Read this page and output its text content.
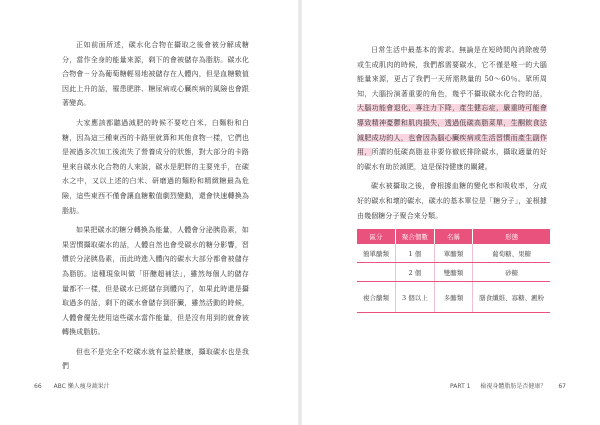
正如前面所述，碳水化合物在攝取之後會被分解成糖分，當作全身的能量來源，剩下的會被儲存為脂肪。碳水化合物會ㄧ分為葡萄糖輕易地被儲存在人體內，但是血糖數值因此上升的話，罹患肥胖、糖尿病或心臟疾病的風險也會跟著變高。

大家應該都聽過減肥的時候不要吃白米、白麵粉和白糖，因為這三種東西的卡路里就算和其他食物一樣，它們也是被過多次加工後流失了營養成分的狀態，對大部分的卡路里來自碳水化合物的人來說，碳水是肥胖的主要兇手，在碳水之中，又以上述的白米、研磨過的麵粉和精緻糖最為危險，這些東西不僅會讓血糖數值劇烈變動，還會快速轉換為脂肪。

如果把碳水的糖分轉換為能量，人體會分泌胰島素，如果習慣攝取碳水的話，人體自然也會受碳水的糖分影響，習慣於分泌胰島素，而此時進入體內的碳水大部分都會被儲存為脂肪。這種現象叫做「肝醣超補法」，雖然每個人的儲存量都不一樣，但是碳水已經儲存到體內了，如果此時還是攝取過多的話，剩下的碳水會儲存到肝臟，雖然活動的時候，人體會優先使用這些碳水當作能量，但是沒有用到的就會被轉換成脂肪。

但也不是完全不吃碳水就有益於健康，攝取碳水也是我們

66 ABC 懶人瘦身蔬果汁

日常生活中最基本的需求。無論是在短時間內消除疲勞或生成肌肉的時候，我們都需要碳水，它不僅是唯一的大腦能量來源，更占了我們一天所需熱量的 50～60％。眾所周知，大腦扮演著重要的角色，幾乎不攝取碳水化合物的話，大腦功能會退化，專注力下降，產生健忘症，嚴重時可能會導致精神憂鬱和肌肉損失，透過低碳高脂菜單，生酮飲食法減肥成功的人，也會因為腦心臟疾病或生活習慣而產生副作用，所謂的低碳高脂並非要你徹底排除碳水，攝取適量的好的碳水有助於減肥，這是保持健康的關鍵。

碳水被攝取之後，會根據血糖的變化率和吸收率，分成好的碳水和壞的碳水，碳水的基本單位是「糖分子」，並根據由幾個糖分子聚合來分類。

區分	聚合個數	名稱	形態
簡單醣類	1 個	單醣類	葡萄糖、果糖
	2 個	雙醣類	砂糖
複合醣類	3 個以上	多醣類	膳食纖維、寡糖、澱粉
PART 1 檢視身體脂肪是否健康？ 67
